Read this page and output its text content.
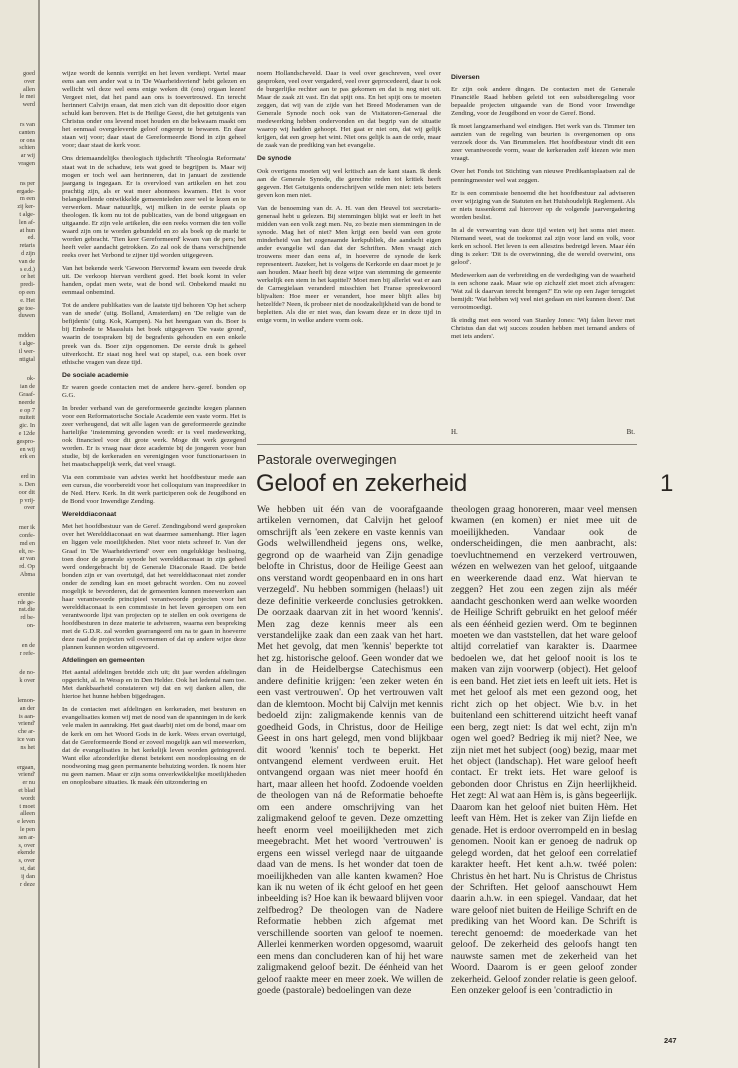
goed
over
allen
le mei
werd
rs van
canten
or ons
schien
ar wij
vragen
ns per
ergade-
m een
zij ker-
t alge-
len af-
at hun
ed.
retaris
d zijn
van de
s e.d.)
or het
predi-
op een
e. Het
ge toe-
duwen
mdden
t alge-
il wer-
ntigtal
ok-
ian de
Graaf-
neerde
e op 7
nuiteit
gic. In
e 12de
gespro-
en wij
erk en
erd in
s. Den
oor dit
p vrij-
over
mer ik
confe-
md en
elt, re-
ar van
rd. Op
Abma
erentie
rde ge-
nst.die
rd be-
on-
en de
r refe-
de no-
k over
lemon-
an der
is aan-
vriend'
che ar-
ice van
ns het
ergaan,
vriend'
er nu
et blad
wordt
t moet
alleen
e leven
le pen
sen ar-
s, over
ekende
s, over
st, dat
ij dan
r deze

wijze wordt de kennis verrijkt en het leven verdiept. Vertel maar eens aan een ander wat u in 'De Waarheidsvriend' hebt gelezen en wellicht wil deze wel eens enige weken dit (ons) orgaan lezen! Vergeet niet, dat het pand aan ons is toevertrouwd. En terecht herinnert Calvijn eraan, dat men zich van dit depositio door eigen schuld kan beroven. Het is de Heilige Geest, die het getuigenis van Christus onder ons levend moet houden en die bekwaam maakt om het eenmaal overgeleverde geloof ongerept te bewaren. En daar staan wij voor; daar staat de Gereformeerde Bond in zijn geheel voor; daar staat de kerk voor.

Ons driemaandelijks theologisch tijdschrift 'Theologia Reformata' staat wat in de schaduw, iets wat goed te begrijpen is. Maar wij mogen er toch wel aan herinneren, dat in januari de zestiende jaargang is ingegaan. Er is overvloed van artikelen en het zou prachtig zijn, als er wat meer abonnees kwamen. Het is voor belangstellende ontwikkelde gemeenteleden zeer wel te lezen en te verwerken. Maar natuurlijk, wij milken in de eerste plaats op theologen. Ik kom nu tot de publicaties, van de bond uitgegaan en uitgaande. Er zijn vele artikelen, die een reeks vormen die ten volle waard zijn om te worden gebundeld en zo als boek op de markt te worden gebracht. 'Tien keer Gereformeerd' kwam van de pers; het heeft veler aandacht getrokken. Zo zal ook de thans verschijnende reeks over het Verbond te zijner tijd worden uitgegeven.

Van het bekende werk 'Gewoon Hervormd' kwam een tweede druk uit. De verkoop hiervan verdient goed. Het boek komt in veler handen, opdat men wete, wat de bond wil. Onbekend maakt nu eenmaal onbemind.

Tot de andere publikaties van de laatste tijd behoren 'Op het scherp van de snede' (uitg. Bolland, Amsterdam) en 'De religie van de befijdenis' (uitg. Kok, Kampen). Na het heengaan van ds. Boer is bij Embede te Maassluis het boek uitgegeven 'De vaste grond', waarin de toespraken bij de begrafenis gehouden en een enkele preek van ds. Boer zijn opgenomen. De eerste druk is geheel uitverkocht. Er staat nog heel wat op stapel, o.a. een boek over ethische vragen van deze tijd.

De sociale academie

Er waren goede contacten met de andere herv.-geref. bonden op G.G.

In breder verband van de gereformeerde gezindte kregen plannen voor een Reformatorische Sociale Academie een vaste vorm. Het is zeer verheugend, dat wit alle lagen van de gereformeerde gezindte hartelijke ’instemming gevonden wordt: er is veel medewerking, ook financieel voor dit grote werk. Moge dit werk gezegend worden. Er is vraag naar deze academie bij de jongeren voor hun studie, bij de kerkeraden en verenigingen voor functionarissen in het maatschappelijk werk, dat veel vraagt.

Via een commissie van advies werkt het hoofdbestuur mede aan een cursus, die voorbereidt voor het colloquium van inspreediker in de Ned. Herv. Kerk. In dit werk participeren ook de Jeugdbond en de Bond voor Inwendige Zending.

Werelddiaconaat

Met het hoofdbestuur van de Geref. Zendingsbond werd gesproken over het Werelddiaconaat en wat daarmee samenhangt. Hier lagen en liggen vele moeilijkheden. Niet voor niets schreef Ir. Van der Graaf in 'De Waarheidsvriend' over een ongelukkige beslissing, toen door de generale synode het werelddiaconaat in zijn geheel werd ondergebracht bij de Generale Diaconale Raad. De beide bonden zijn er van overtuigd, dat het werelddiaconaat niet zonder onder de zending kan en moet gebracht worden. Om nu zoveel mogelijk te bevorderen, dat de gemeenten kunnen meewerken aan haar verantwoorde principieel verantwoorde projecten voor het werelddiaconaat is een commissie in het leven geroepen om een verantwoorde lijst van projecten op te stellen en ook overigens de hoofdbesturen in deze materie te adviseren, waarna een bespreking met de G.D.R. zal worden gearrangeerd om na te gaan in hoeverre deze raad de projecten wil overnemen of dat op andere wijze deze plannen kunnen worden uitgevoerd.

Afdelingen en gemeenten

Het aantal afdelingen breidde zich uit; dit jaar werden afdelingen opgericht, al. in Wessp en in Den Helder. Ook het ledental nam toe. Met dankbaarheid constateren wij dat en wij danken allen, die hiertoe het hunne hebben bijgedragen.

In de contacten met afdelingen en kerkeraden, met besturen en evangelisaties komen wij met de nood van de spanningen in de kerk vele malen in aanraking. Het gaat daarbij niet om de bond, maar om de kerk en om het Woord Gods in de kerk. Wees ervan overtuigd, dat de Gereformeerde Bond er zoveel mogelijk aan wil meewerken, dat de evangelisaties in het kerkelijk leven worden geïntegreerd. Want elke afzonderlijke dienst betekent een noodoplossing en de noodwoning mag geen permanente behuizing worden. Ik noem hier nu geen namen. Maar er zijn soms onverkwikkelijke moeilijkheden en onoplosbare situaties. Ik maak één uitzondering en

noem Hollandscheveld. Daar is veel over geschreven, veel over gesproken, veel over vergaderd, veel over geprocedeerd, daar is ook de burgerlijke rechter aan te pas gekomen en dat is nog niet uit. Maar de zaak zit vast. En dat spijt ons. En het spijt ons te moeten zeggen, dat wij van de zijde van het Breed Moderamen van de Generale Synode noch ook van de Visitatoren-Generaal die medewerking hebben ondervonden en dat begrip van de situatie waarop wij hadden gehoopt. Het gaat er niet om, dat wij gelijk krijgen, dat een groep het wint. Niet ons gelijk is aan de orde, maar de zaak van de prediking van het evangelie.

De synode

Ook overigens moeten wij wel kritisch aan de kant staan. Ik denk aan de Generale Synode, die gerechte reden tot kritiek heeft gegeven. Het Getuigenis onderschrijven wilde men niet: iets beters geven kon men niet.

Van de benoeming van dr. A. H. van den Heuvel tot secretaris-generaal hebt u gelezen. Bij stemmingen blijkt wat er leeft in het midden van een volk zegt men. Nu, zo bezie men stemmingen in de synode. Mag het of niet? Men krijgt een beeld van een grote minderheid van het zogenaamde kerkpubliek, die aandacht eigen ander evangelie wil dan dat der Schriften. Men vraagt zich trouwens meer dan eens af, in hoeverre de synode de kerk representeert. Jazeker, het is volgens de Kerkorde en daar moet je je aan houden. Maar heeft bij deze wijze van stemming de gemeente werkelijk een stem in het kapittel? Moet men bij allerlei wat er aan de Carnegielaan veranderd misschien het Franse spreekwoord blijvalten: Hoe meer er verandert, hoe meer blijft alles bij hetzelfde? Neen, ik probeer niet de noodzakelijkheid van de bond te bepleiten. Als die er niet was, dan kwam deze er in deze tijd in enige vorm, in welke andere vorm ook.

Diversen

Er zijn ook andere dingen. De contacten met de Generale Financiële Raad hebben geleid tot een subsidieregeling voor bepaalde projecten uitgaande van de Bond voor Inwendige Zending, voor de Jeugdbond en voor de Geref. Bond.

Ik moet langzamerhand wel eindigen. Het werk van ds. Timmer ten aanzien van de regeling van beurten is overgenomen op ons verzoek door ds. Van Brummelen. Het hoofdbestuur vindt dit een zeer verantwoorde vorm, waar de kerkeraden zelf kiezen wie men vraagt.

Over het Fonds tot Stichting van nieuwe Predikantsplaatsen zal de penningmeester wel wat zeggen.

Er is een commissie benoemd die het hoofdbestuur zal adviseren over wijziging van de Statuten en het Huishoudelijk Reglement. Als er niets tussenkomt zal hierover op de volgende jaarvergadering worden beslist.

In al de verwarring van deze tijd weten wij het soms niet meer. Niemand weet, wat de toekomst zal zijn voor land en volk, voor kerk en school. Het leven is een alleszins bedreigd leven. Maar één ding is zeker: 'Dit is de overwinning, die de wereld overwint, ons geloof'.

Medewerken aan de verbreiding en de verdediging van de waarheid is een schone zaak. Maar wie op zichzelf ziet moet zich afvragen: 'Wat zal ik daarvan terecht brengen?' En wie op een Jager terugziet bemijdt: 'Wat hebben wij veel niet gedaan en niet kunnen doen'. Dat verootmoedigt.

Ik eindig met een woord van Stanley Jones: 'Wij falen liever met Christus dan dat wij succes zouden hebben met iemand anders of met iets anders'.

H.	Bt.
Pastorale overwegingen
Geloof en zekerheid	1

We hebben uit één van de voorafgaande artikelen vernomen, dat Calvijn het geloof omschrijft als 'een zekere en vaste kennis van Gods welwillendheid jegens ons, welke, gegrond op de waarheid van Zijn genadige belofte in Christus, door de Heilige Geest aan ons verstand wordt geopenbaard en in ons hart verzegeld'. Nu hebben sommigen (helaas!) uit deze definitie verkeerde conclusies getrokken. De oorzaak daarvan zit in het woord 'kennis'. Men zag deze kennis meer als een verstandelijke zaak dan een zaak van het hart. Met het gevolg, dat men 'kennis' beperkte tot het zg. historische geloof. Geen wonder dat we dan in de Heidelbergse Catechismus een andere definitie krijgen: 'een zeker weten én een vast vertrouwen'. Op het vertrouwen valt dan de klemtoon. Mocht bij Calvijn met kennis bedoeld zijn: zaligmakende kennis van de goedheid Gods, in Christus, door de Heilige Geest in ons hart gelegd, men vond blijkbaar dit woord 'kennis' toch te beperkt. Het ontvangend element verdween eruit. Het ontvangend orgaan was niet meer hoofd én hart, maar alleen het hoofd. Zodoende voelden de theologen van ná de Reformatie behoefte om een andere omschrijving van het zaligmakend geloof te geven. Deze omzetting heeft enorm veel moeilijkheden met zich meegebracht. Met het woord 'vertrouwen' is ergens een wissel verlegd naar de uitgaande daad van de mens. Is het wonder dat toen de moeilijkheden van alle kanten kwamen? Hoe kan ik nu weten of ik écht geloof en het geen inbeelding is? Hoe kan ik bewaard blijven voor zelfbedrog? De theologen van de Nadere Reformatie hebben zich afgemat met verschillende soorten van geloof te noemen. Allerlei kenmerken worden opgesomd, waaruit een mens dan concluderen kan of hij het ware zaligmakend geloof bezit. De éénheid van het geloof raakte meer en meer zoek. We willen de goede (pastorale) bedoelingen van deze

theologen graag honoreren, maar veel mensen kwamen (en komen) er niet mee uit de moeilijkheden. Vandaar ook de onderscheidingen, die men aanbracht, als: toevluchtnemend en verzekerd vertrouwen, wézen en welwezen van het geloof, uitgaande en weerkerende daad enz. Wat hiervan te zeggen? Het zou een zegen zijn als méér aandacht geschonken werd aan welke woorden de Heilige Schrift gebruikt en het geloof méér als een éénheid gezien werd. Om te beginnen moeten we dan vaststellen, dat het ware geloof altijd correlatief van karakter is. Daarmee bedoelen we, dat het geloof nooit is los te maken van zijn voorwerp (object). Het geloof is een band. Het ziet iets en leeft uit iets. Het is met het geloof als met een gezond oog, het richt zich op het object. Wie b.v. in het buitenland een schitterend uitzicht heeft vanaf een berg, zegt niet: Is dat wel echt, zijn m'n ogen wel goed? Bedrieg ik mij niet? Nee, we zijn niet met het subject (oog) bezig, maar met het object (landschap). Het ware geloof heeft contact. Er trekt iets. Het ware geloof is gebonden door Christus en Zijn heerlijkheid. Het zegt: Al wat aan Hèm is, is gàns begeerlijk. Daarom kan het geloof niet buiten Hèm. Het leeft van Hèm. Het is zeker van Zijn liefde en genade. Het is erdoor overrompeld en in beslag genomen. Nooit kan er genoeg de nadruk op gelegd worden, dat het geloof een correlatief karakter heeft. Het kent a.h.w. twéé polen: Christus èn het hart. Nu is Christus de Christus der Schriften. Het geloof aanschouwt Hem daarin a.h.w. in een spiegel. Vandaar, dat het ware geloof niet buiten de Heilige Schrift en de prediking van het Woord kan. De Schrift is terecht genoemd: de moederkade van het geloof. De zekerheid des geloofs hangt ten nauwste samen met de zekerheid van het Woord. Daarom is er geen geloof zonder zekerheid. Geloof zonder relatie is geen geloof. Een onzeker geloof is een 'contradictio in

247
